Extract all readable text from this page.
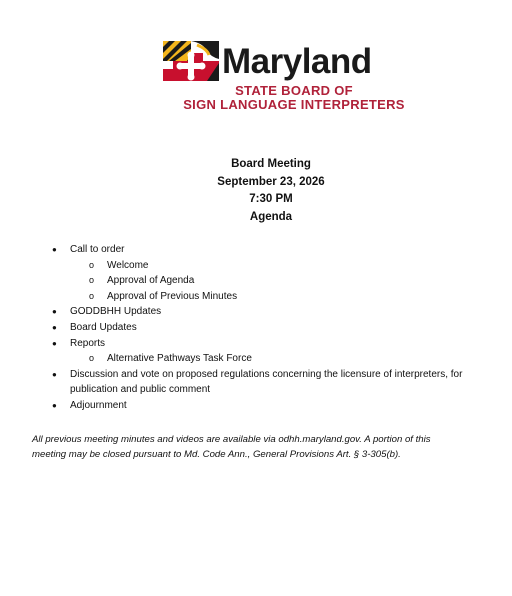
Maryland
STATE BOARD OF
SIGN LANGUAGE INTERPRETERS
Board Meeting
September 23, 2026
7:30 PM
Agenda
● Call to order
o Welcome
o Approval of Agenda
o Approval of Previous Minutes
● GODDBHH Updates
● Board Updates
● Reports
o Alternative Pathways Task Force
● Discussion and vote on proposed regulations concerning the licensure of interpreters, for publication and public comment
● Adjournment
All previous meeting minutes and videos are available via odhh.maryland.gov. A portion of this meeting may be closed pursuant to Md. Code Ann., General Provisions Art. § 3-305(b).
